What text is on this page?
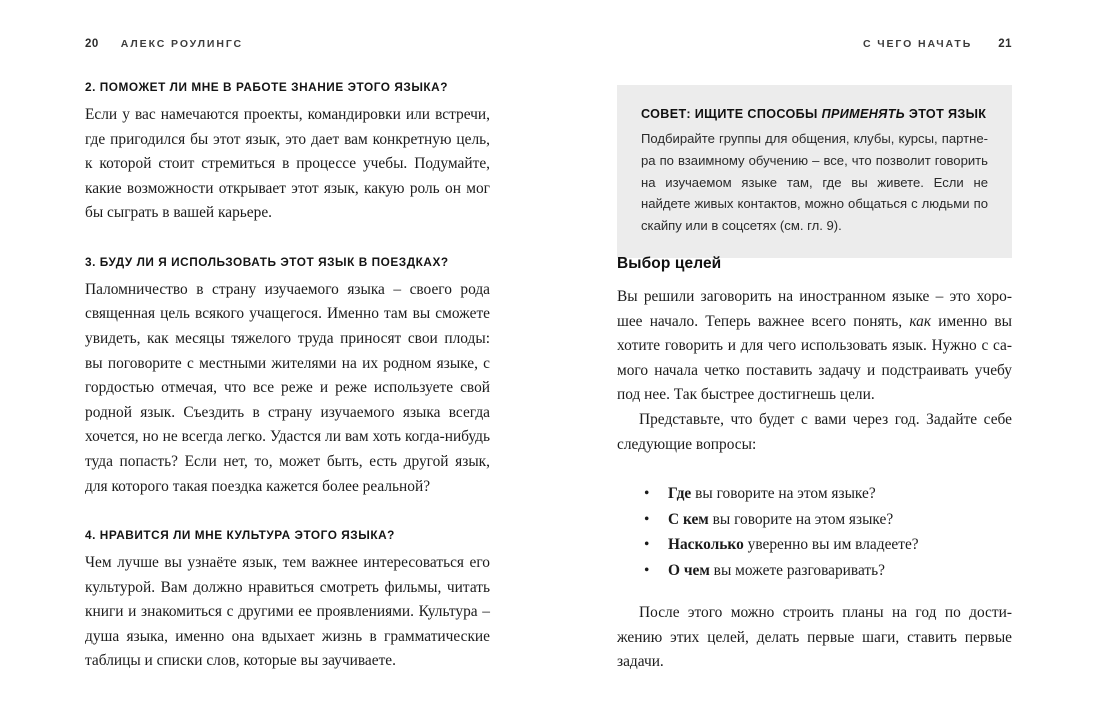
20 АЛЕКС РОУЛИНГС	С ЧЕГО НАЧАТЬ 21
2. ПОМОЖЕТ ЛИ МНЕ В РАБОТЕ ЗНАНИЕ ЭТОГО ЯЗЫКА?

Если у вас намечаются проекты, командировки или встречи, где пригодился бы этот язык, это дает вам конкретную цель, к которой стоит стремиться в процессе учебы. Подумайте, какие возможности открывает этот язык, какую роль он мог бы сыграть в вашей карьере.

3. БУДУ ЛИ Я ИСПОЛЬЗОВАТЬ ЭТОТ ЯЗЫК В ПОЕЗДКАХ?

Паломничество в страну изучаемого языка – своего рода священная цель всякого учащегося. Именно там вы сможете увидеть, как месяцы тяжелого труда приносят свои плоды: вы поговорите с местными жителями на их родном языке, с гордостью отмечая, что все реже и реже используете свой родной язык. Съездить в страну изучаемого языка всегда хочется, но не всегда легко. Удастся ли вам хоть когда-нибудь туда попасть? Если нет, то, может быть, есть другой язык, для которого такая поездка кажется более реальной?

4. НРАВИТСЯ ЛИ МНЕ КУЛЬТУРА ЭТОГО ЯЗЫКА?

Чем лучше вы узнаёте язык, тем важнее интересоваться его культурой. Вам должно нравиться смотреть фильмы, читать книги и знакомиться с другими ее проявлениями. Культура – душа языка, именно она вдыхает жизнь в грамматические таблицы и списки слов, которые вы заучиваете.

СОВЕТ: ИЩИТЕ СПОСОБЫ ПРИМЕНЯТЬ ЭТОТ ЯЗЫК

Подбирайте группы для общения, клубы, курсы, партнера по взаимному обучению – все, что позволит говорить на изучаемом языке там, где вы живете. Если не найдете живых контактов, можно общаться с людьми по скайпу или в соцсетях (см. гл. 9).

Выбор целей

Вы решили заговорить на иностранном языке – это хорошее начало. Теперь важнее всего понять, как именно вы хотите говорить и для чего использовать язык. Нужно с самого начала четко поставить задачу и подстраивать учебу под нее. Так быстрее достигнешь цели.

Представьте, что будет с вами через год. Задайте себе следующие вопросы:

• Где вы говорите на этом языке?
• С кем вы говорите на этом языке?
• Насколько уверенно вы им владеете?
• О чем вы можете разговаривать?

После этого можно строить планы на год по достижению этих целей, делать первые шаги, ставить первые задачи.
